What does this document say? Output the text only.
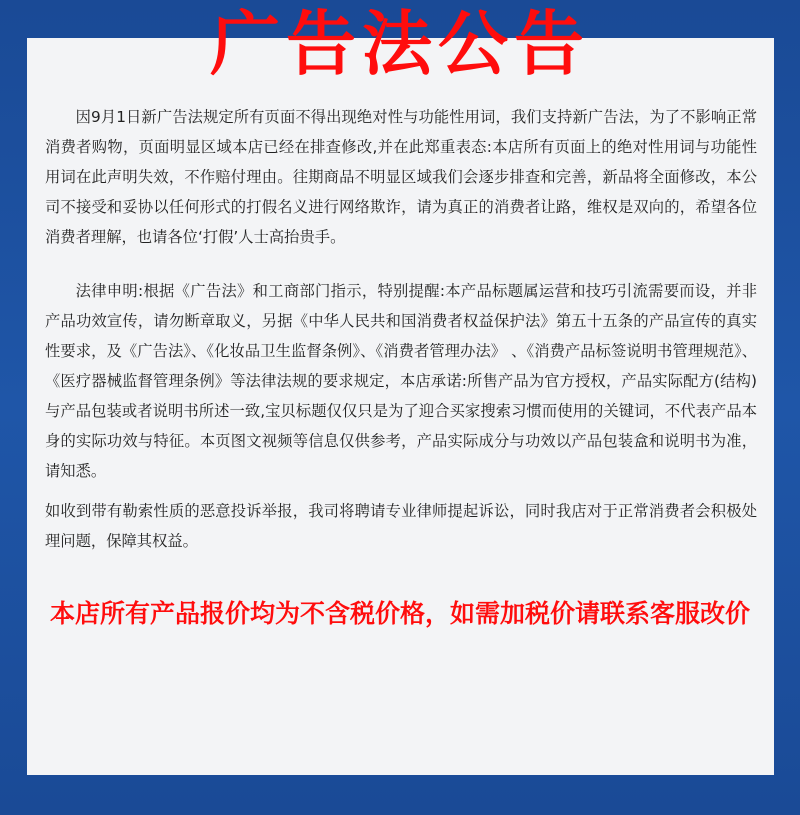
广告法公告

因9月1日新广告法规定所有页面不得出现绝对性与功能性用词，我们支持新广告法，为了不影响正常消费者购物，页面明显区域本店已经在排查修改,并在此郑重表态:本店所有页面上的绝对性用词与功能性用词在此声明失效，不作赔付理由。往期商品不明显区域我们会逐步排查和完善，新品将全面修改，本公司不接受和妥协以任何形式的打假名义进行网络欺诈，请为真正的消费者让路，维权是双向的，希望各位消费者理解，也请各位‘打假’人士高抬贵手。

法律申明:根据《广告法》和工商部门指示，特别提醒:本产品标题属运营和技巧引流需要而设，并非产品功效宣传，请勿断章取义，另据《中华人民共和国消费者权益保护法》第五十五条的产品宣传的真实性要求，及《广告法》、《化妆品卫生监督条例》、《消费者管理办法》 、《消费产品标签说明书管理规范》、《医疗器械监督管理条例》等法律法规的要求规定，本店承诺:所售产品为官方授权，产品实际配方(结构)与产品包装或者说明书所述一致,宝贝标题仅仅只是为了迎合买家搜索习惯而使用的关键词，不代表产品本身的实际功效与特征。本页图文视频等信息仅供参考，产品实际成分与功效以产品包装盒和说明书为准，请知悉。

如收到带有勒索性质的恶意投诉举报，我司将聘请专业律师提起诉讼，同时我店对于正常消费者会积极处理问题，保障其权益。

本店所有产品报价均为不含税价格，如需加税价请联系客服改价
